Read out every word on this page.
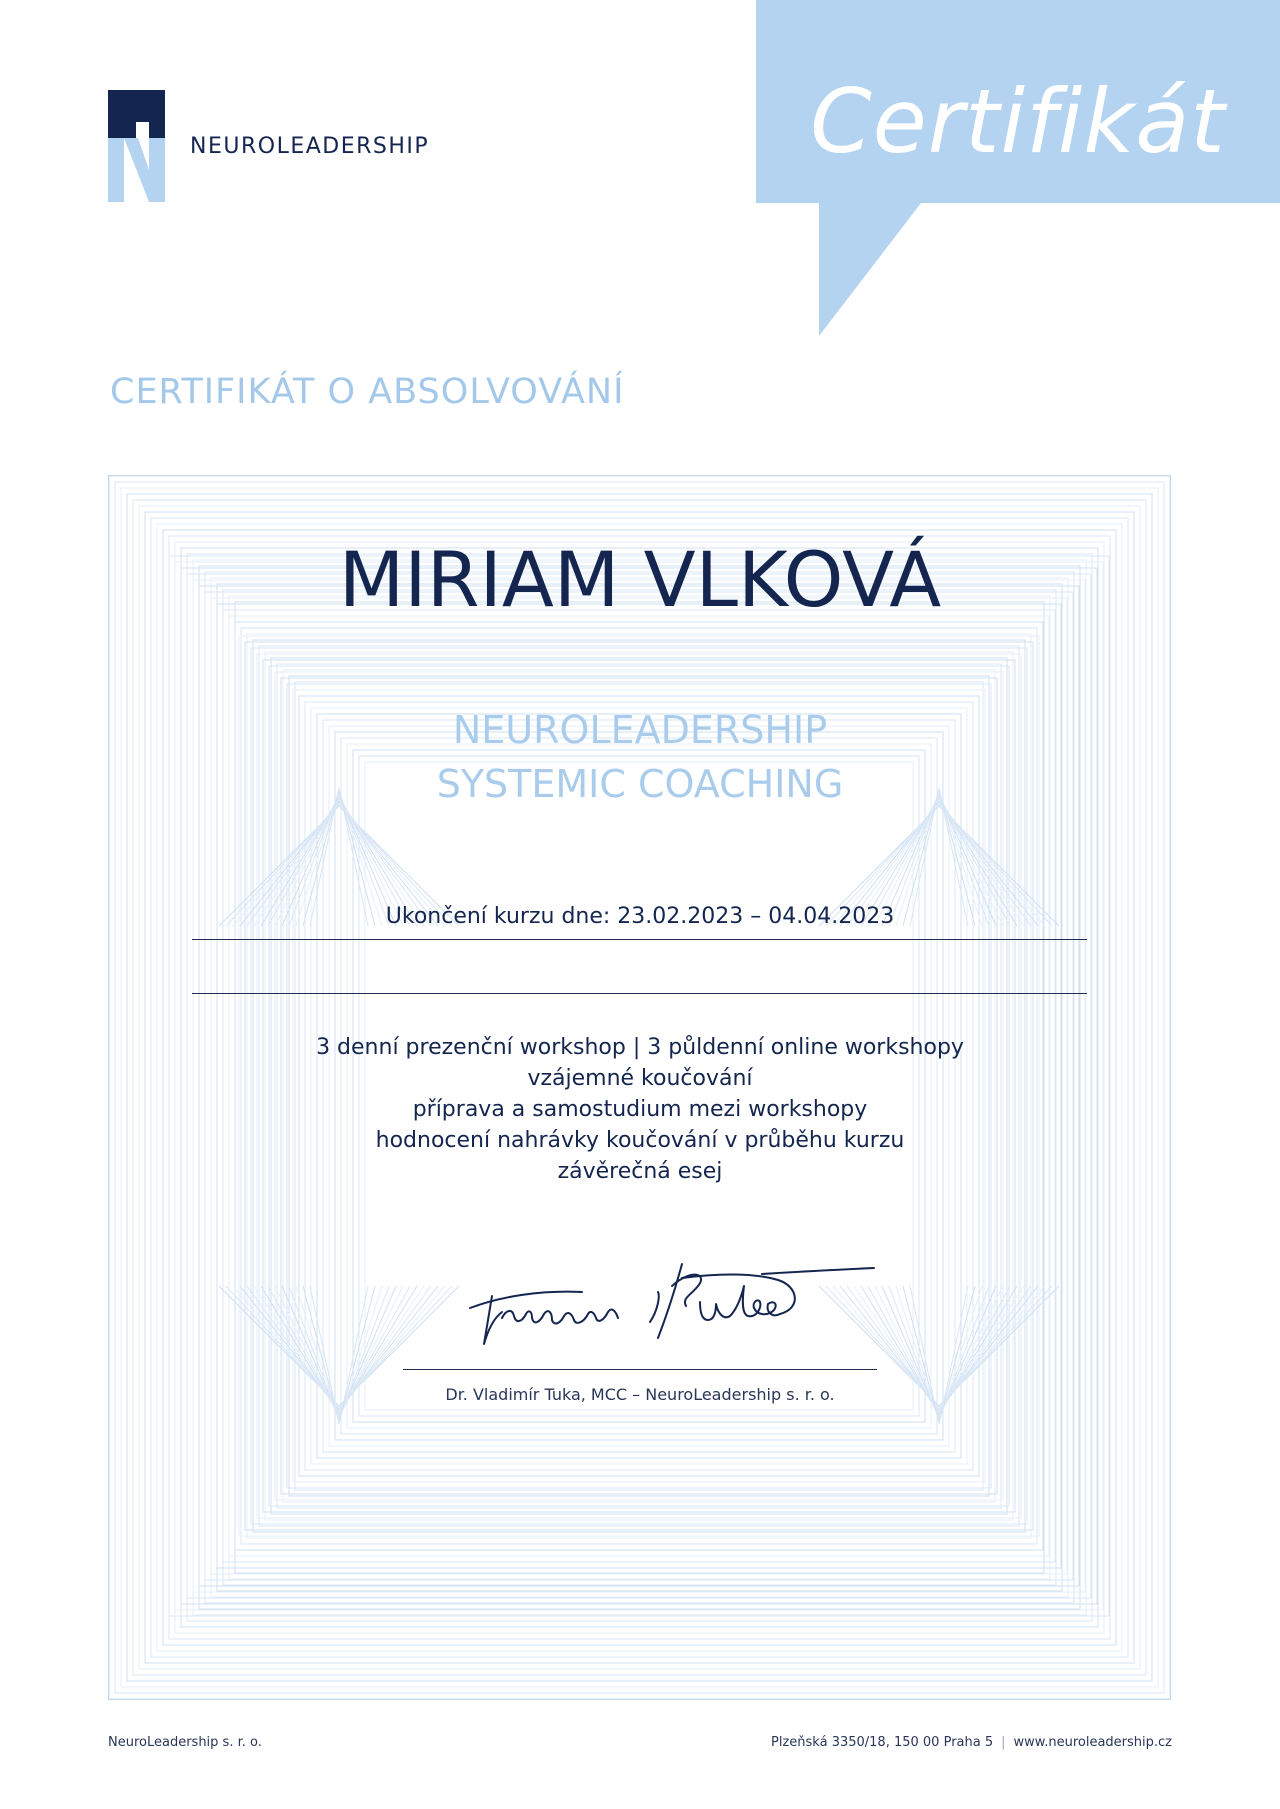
NEUROLEADERSHIP	Certifikát
CERTIFIKÁT O ABSOLVOVÁNÍ
MIRIAM VLKOVÁ
NEUROLEADERSHIP
SYSTEMIC COACHING
Ukončení kurzu dne: 23.02.2023 – 04.04.2023
3 denní prezenční workshop | 3 půldenní online workshopy
vzájemné koučování
příprava a samostudium mezi workshopy
hodnocení nahrávky koučování v průběhu kurzu
závěrečná esej
Dr. Vladimír Tuka, MCC – NeuroLeadership s. r. o.
NeuroLeadership s. r. o.	Plzeňská 3350/18, 150 00 Praha 5 | www.neuroleadership.cz
